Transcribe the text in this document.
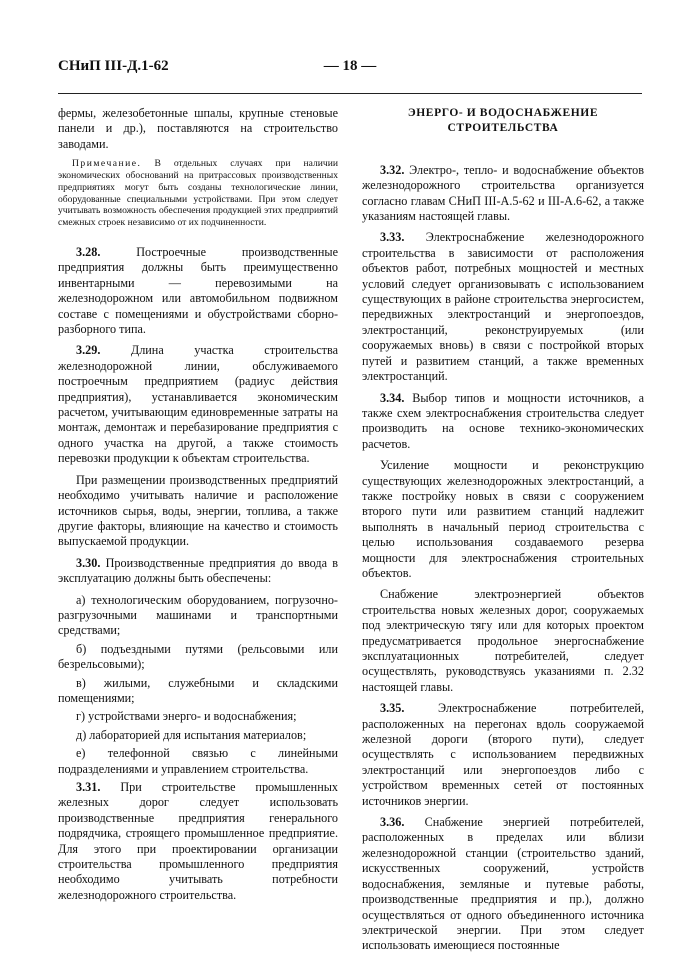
СНиП III-Д.1-62	— 18 —

фермы, железобетонные шпалы, крупные стеновые панели и др.), поставляются на строительство заводами.

Примечание. В отдельных случаях при наличии экономических обоснований на притрассовых производственных предприятиях могут быть созданы технологические линии, оборудованные специальными устройствами. При этом следует учитывать возможность обеспечения продукцией этих предприятий смежных строек независимо от их подчиненности.

3.28.	Построечные производственные предприятия должны быть преимущественно инвентарными — перевозимыми на железнодорожном или автомобильном подвижном составе с помещениями и обустройствами сборно-разборного типа.

3.29.	Длина участка строительства железнодорожной линии, обслуживаемого построечным предприятием (радиус действия предприятия), устанавливается экономическим расчетом, учитывающим единовременные затраты на монтаж, демонтаж и перебазирование предприятия с одного участка на другой, а также стоимость перевозки продукции к объектам строительства.

При размещении производственных предприятий необходимо учитывать наличие и расположение источников сырья, воды, энергии, топлива, а также другие факторы, влияющие на качество и стоимость выпускаемой продукции.

3.30. Производственные предприятия до ввода в эксплуатацию должны быть обеспечены:

а) технологическим оборудованием, погрузочно-разгрузочными машинами и транспортными средствами;

б) подъездными путями (рельсовыми или безрельсовыми);

в) жилыми, служебными и складскими помещениями;

г) устройствами энерго- и водоснабжения;

д) лабораторией для испытания материалов;

е) телефонной связью с линейными подразделениями и управлением строительства.

3.31. При строительстве промышленных железных дорог следует использовать производственные предприятия генерального подрядчика, строящего промышленное предприятие. Для этого при проектировании организации строительства промышленного предприятия необходимо учитывать потребности железнодорожного строительства.

ЭНЕРГО- И ВОДОСНАБЖЕНИЕ СТРОИТЕЛЬСТВА

3.32. Электро-, тепло- и водоснабжение объектов железнодорожного строительства организуется согласно главам СНиП III-А.5-62 и III-А.6-62, а также указаниям настоящей главы.

3.33. Электроснабжение железнодорожного строительства в зависимости от расположения объектов работ, потребных мощностей и местных условий следует организовывать с использованием существующих в районе строительства энергосистем, передвижных электростанций и энергопоездов, электростанций, реконструируемых (или сооружаемых вновь) в связи с постройкой вторых путей и развитием станций, а также временных электростанций.

3.34. Выбор типов и мощности источников, а также схем электроснабжения строительства следует производить на основе технико-экономических расчетов.

Усиление мощности и реконструкцию существующих железнодорожных электростанций, а также постройку новых в связи с сооружением второго пути или развитием станций надлежит выполнять в начальный период строительства с целью использования создаваемого резерва мощности для электроснабжения строительных объектов.

Снабжение электроэнергией объектов строительства новых железных дорог, сооружаемых под электрическую тягу или для которых проектом предусматривается продольное энергоснабжение эксплуатационных потребителей, следует осуществлять, руководствуясь указаниями п. 2.32 настоящей главы.

3.35.	Электроснабжение потребителей, расположенных на перегонах вдоль сооружаемой железной дороги (второго пути), следует осуществлять с использованием передвижных электростанций или энергопоездов либо с устройством временных сетей от постоянных источников энергии.

3.36. Снабжение энергией потребителей, расположенных в пределах или вблизи железнодорожной станции (строительство зданий, искусственных сооружений, устройств водоснабжения, земляные и путевые работы, производственные предприятия и пр.), должно осуществляться от одного объединенного источника электрической энергии. При этом следует использовать имеющиеся постоянные
